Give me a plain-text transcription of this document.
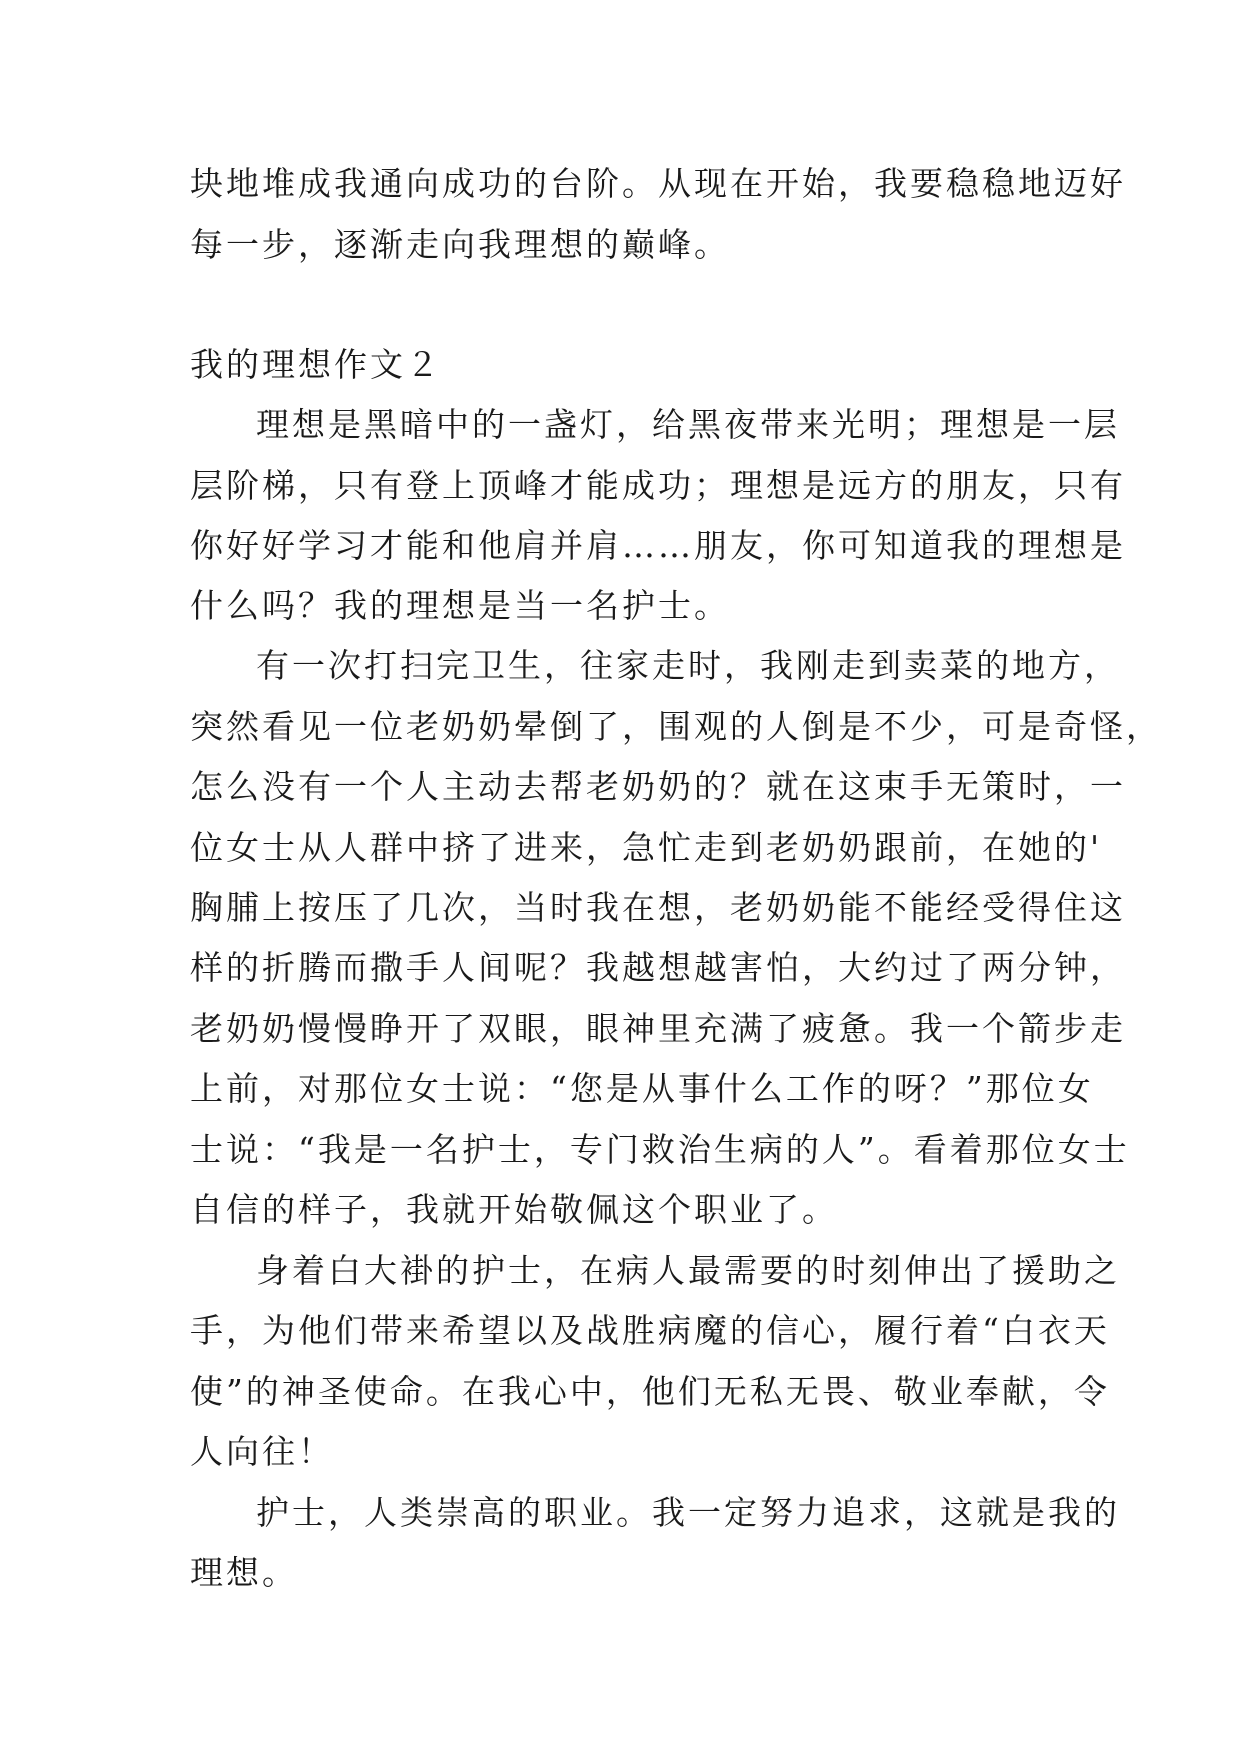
块地堆成我通向成功的台阶。从现在开始，我要稳稳地迈好
每一步，逐渐走向我理想的巅峰。
我的理想作文２
理想是黑暗中的一盏灯，给黑夜带来光明；理想是一层
层阶梯，只有登上顶峰才能成功；理想是远方的朋友，只有
你好好学习才能和他肩并肩……朋友，你可知道我的理想是
什么吗？我的理想是当一名护士。
有一次打扫完卫生，往家走时，我刚走到卖菜的地方，
突然看见一位老奶奶晕倒了，围观的人倒是不少，可是奇怪，
怎么没有一个人主动去帮老奶奶的？就在这束手无策时，一
位女士从人群中挤了进来，急忙走到老奶奶跟前，在她的'
胸脯上按压了几次，当时我在想，老奶奶能不能经受得住这
样的折腾而撒手人间呢？我越想越害怕，大约过了两分钟，
老奶奶慢慢睁开了双眼，眼神里充满了疲惫。我一个箭步走
上前，对那位女士说：“您是从事什么工作的呀？”那位女
士说：“我是一名护士，专门救治生病的人”。看着那位女士
自信的样子，我就开始敬佩这个职业了。
身着白大褂的护士，在病人最需要的时刻伸出了援助之
手，为他们带来希望以及战胜病魔的信心，履行着“白衣天
使”的神圣使命。在我心中，他们无私无畏、敬业奉献，令
人向往！
护士，人类崇高的职业。我一定努力追求，这就是我的
理想。
